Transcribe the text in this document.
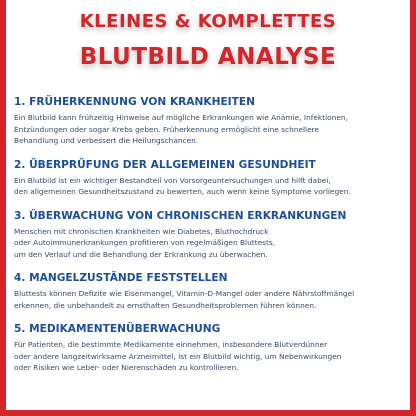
KLEINES & KOMPLETTES
BLUTBILD ANALYSE
1. FRÜHERKENNUNG VON KRANKHEITEN
Ein Blutbild kann frühzeitig Hinweise auf mögliche Erkrankungen wie Anämie, Infektionen,
Entzündungen oder sogar Krebs geben. Früherkennung ermöglicht eine schnellere
Behandlung und verbessert die Heilungschancen.
2. ÜBERPRÜFUNG DER ALLGEMEINEN GESUNDHEIT
Ein Blutbild ist ein wichtiger Bestandteil von Vorsorgeuntersuchungen und hilft dabei,
den allgemeinen Gesundheitszustand zu bewerten, auch wenn keine Symptome vorliegen.
3. ÜBERWACHUNG VON CHRONISCHEN ERKRANKUNGEN
Menschen mit chronischen Krankheiten wie Diabetes, Bluthochdruck
oder Autoimmunerkrankungen profitieren von regelmäßigen Bluttests,
um den Verlauf und die Behandlung der Erkrankung zu überwachen.
4. MANGELZUSTÄNDE FESTSTELLEN
Bluttests können Defizite wie Eisenmangel, Vitamin-D-Mangel oder andere Nährstoffmängel
erkennen, die unbehandelt zu ernsthaften Gesundheitsproblemen führen können.
5. MEDIKAMENTENÜBERWACHUNG
Für Patienten, die bestimmte Medikamente einnehmen, insbesondere Blutverdünner
oder andere langzeitwirksame Arzneimittel, ist ein Blutbild wichtig, um Nebenwirkungen
oder Risiken wie Leber- oder Nierenschäden zu kontrollieren.
